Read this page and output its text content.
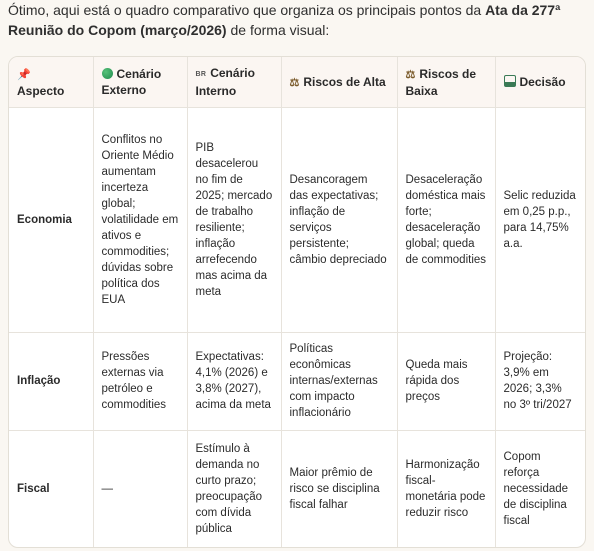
Ótimo, aqui está o quadro comparativo que organiza os principais pontos da Ata da 277ª Reunião do Copom (março/2026) de forma visual:
📌
Aspecto	Cenário Externo	BR Cenário Interno	⚖ Riscos de Alta	⚖ Riscos de Baixa	Decisão
Economia	Conflitos no Oriente Médio aumentam incerteza global; volatilidade em ativos e commodities; dúvidas sobre política dos EUA	PIB desacelerou no fim de 2025; mercado de trabalho resiliente; inflação arrefecendo mas acima da meta	Desancoragem das expectativas; inflação de serviços persistente; câmbio depreciado	Desaceleração doméstica mais forte; desaceleração global; queda de commodities	Selic reduzida em 0,25 p.p., para 14,75% a.a.
Inflação	Pressões externas via petróleo e commodities	Expectativas: 4,1% (2026) e 3,8% (2027), acima da meta	Políticas econômicas internas/externas com impacto inflacionário	Queda mais rápida dos preços	Projeção: 3,9% em 2026; 3,3% no 3º tri/2027
Fiscal	—	Estímulo à demanda no curto prazo; preocupação com dívida pública	Maior prêmio de risco se disciplina fiscal falhar	Harmonização fiscal-monetária pode reduzir risco	Copom reforça necessidade de disciplina fiscal
